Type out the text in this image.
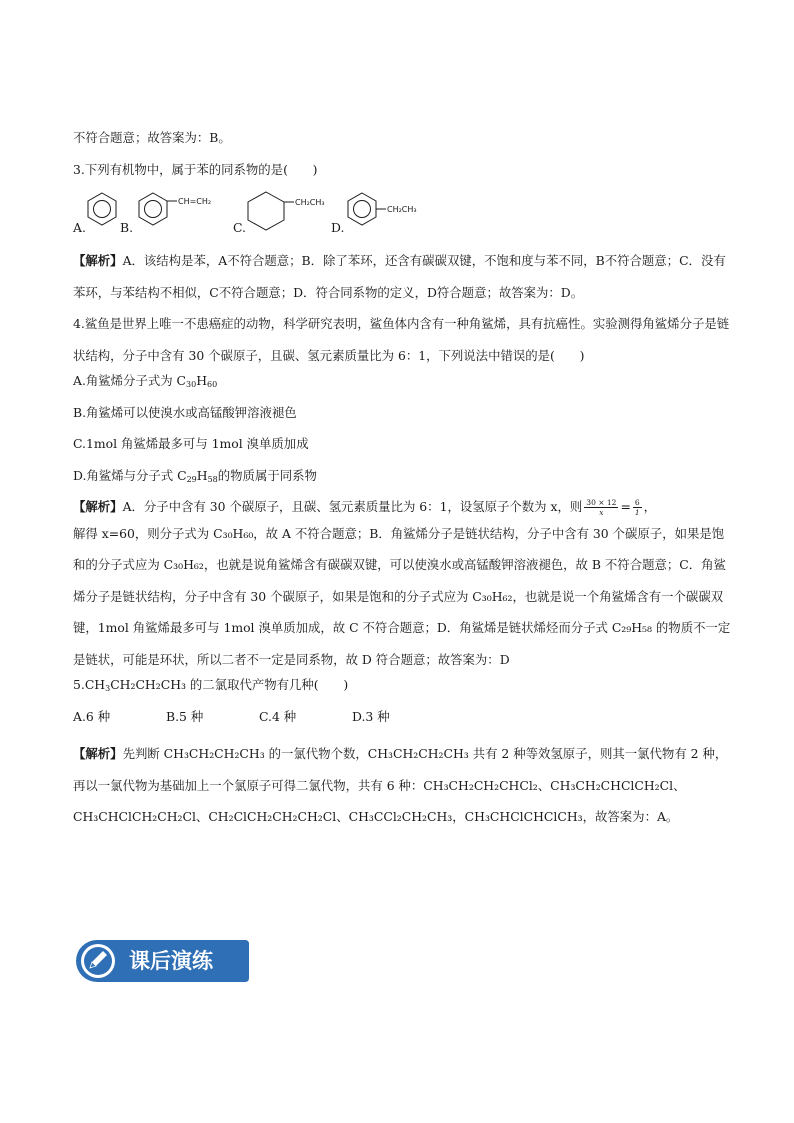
不符合题意；故答案为：B。
3.下列有机物中，属于苯的同系物的是(　　)
A.	B.
CH=CH₂
C.
CH₂CH₃
D.
CH₂CH₃
【解析】A．该结构是苯，A不符合题意；B．除了苯环，还含有碳碳双键，不饱和度与苯不同，B不符合题意；C．没有苯环，与苯结构不相似，C不符合题意；D．符合同系物的定义，D符合题意；故答案为：D。
4.鲨鱼是世界上唯一不患癌症的动物，科学研究表明，鲨鱼体内含有一种角鲨烯，具有抗癌性。实验测得角鲨烯分子是链状结构，分子中含有 30 个碳原子，且碳、氢元素质量比为 6：1，下列说法中错误的是(　　)
A.角鲨烯分子式为 $C_{30}H_{60}$
B.角鲨烯可以使溴水或高锰酸钾溶液褪色
C.1mol 角鲨烯最多可与 1mol 溴单质加成
D.角鲨烯与分子式 $C_{29}H_{58}$的物质属于同系物
【解析】A．分子中含有 30 个碳原子，且碳、氢元素质量比为 6：1，设氢原子个数为 x，则 $\frac{30 \times 12}{x} = \frac{6}{1}$ ，
解得 x=60，则分子式为 C₃₀H₆₀，故 A 不符合题意；B．角鲨烯分子是链状结构，分子中含有 30 个碳原子，如果是饱和的分子式应为 C₃₀H₆₂，也就是说角鲨烯含有碳碳双键，可以使溴水或高锰酸钾溶液褪色，故 B 不符合题意；C．角鲨烯分子是链状结构，分子中含有 30 个碳原子，如果是饱和的分子式应为 C₃₀H₆₂，也就是说一个角鲨烯含有一个碳碳双键，1mol 角鲨烯最多可与 1mol 溴单质加成，故 C 不符合题意；D．角鲨烯是链状烯烃而分子式 C₂₉H₅₈ 的物质不一定是链状，可能是环状，所以二者不一定是同系物，故 D 符合题意；故答案为：D
$5.CH_3CH_2CH_2CH_3$ 的二氯取代产物有几种(　　)
A.6 种	B.5 种	C.4 种	D.3 种
【解析】先判断 CH₃CH₂CH₂CH₃ 的一氯代物个数，CH₃CH₂CH₂CH₃ 共有 2 种等效氢原子，则其一氯代物有 2 种，再以一氯代物为基础加上一个氯原子可得二氯代物，共有 6 种：CH₃CH₂CH₂CHCl₂、CH₃CH₂CHClCH₂Cl、CH₃CHClCH₂CH₂Cl、CH₂ClCH₂CH₂CH₂Cl、CH₃CCl₂CH₂CH₃，CH₃CHClCHClCH₃，故答案为：A。
课后演练
